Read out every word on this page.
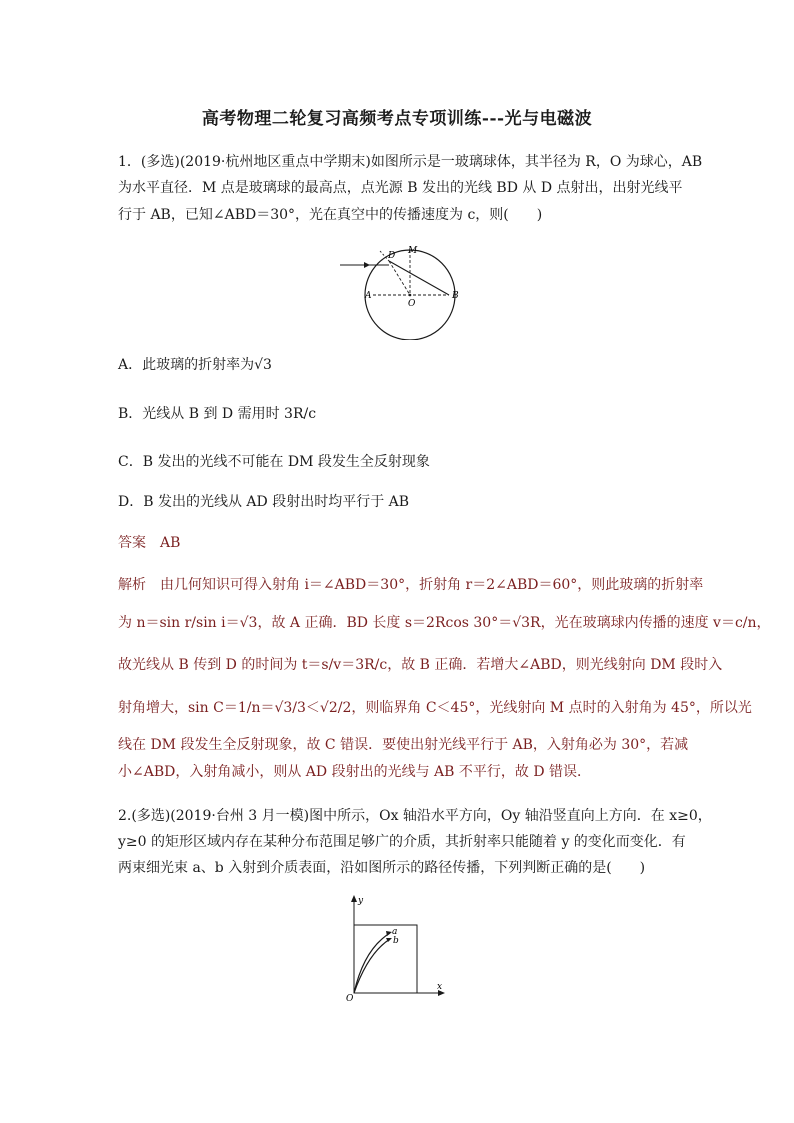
高考物理二轮复习高频考点专项训练---光与电磁波
1．(多选)(2019·杭州地区重点中学期末)如图所示是一玻璃球体，其半径为 R，O 为球心，AB
为水平直径．M 点是玻璃球的最高点，点光源 B 发出的光线 BD 从 D 点射出，出射光线平
行于 AB，已知∠ABD＝30°，光在真空中的传播速度为 c，则(　　)
D M
A
O
B
A．此玻璃的折射率为√3
B．光线从 B 到 D 需用时 3R/c
C．B 发出的光线不可能在 DM 段发生全反射现象
D．B 发出的光线从 AD 段射出时均平行于 AB
答案　AB
解析　由几何知识可得入射角 i＝∠ABD＝30°，折射角 r＝2∠ABD＝60°，则此玻璃的折射率
为 n＝sin r/sin i＝√3，故 A 正确．BD 长度 s＝2Rcos 30°＝√3R，光在玻璃球内传播的速度 v＝c/n，
故光线从 B 传到 D 的时间为 t＝s/v＝3R/c，故 B 正确．若增大∠ABD，则光线射向 DM 段时入
射角增大，sin C＝1/n＝√3/3＜√2/2，则临界角 C＜45°，光线射向 M 点时的入射角为 45°，所以光
线在 DM 段发生全反射现象，故 C 错误．要使出射光线平行于 AB，入射角必为 30°，若减
小∠ABD，入射角减小，则从 AD 段射出的光线与 AB 不平行，故 D 错误．
2.(多选)(2019·台州 3 月一模)图中所示，Ox 轴沿水平方向，Oy 轴沿竖直向上方向．在 x≥0，
y≥0 的矩形区域内存在某种分布范围足够广的介质，其折射率只能随着 y 的变化而变化．有
两束细光束 a、b 入射到介质表面，沿如图所示的路径传播，下列判断正确的是(　　)
y
a
b
O
x
